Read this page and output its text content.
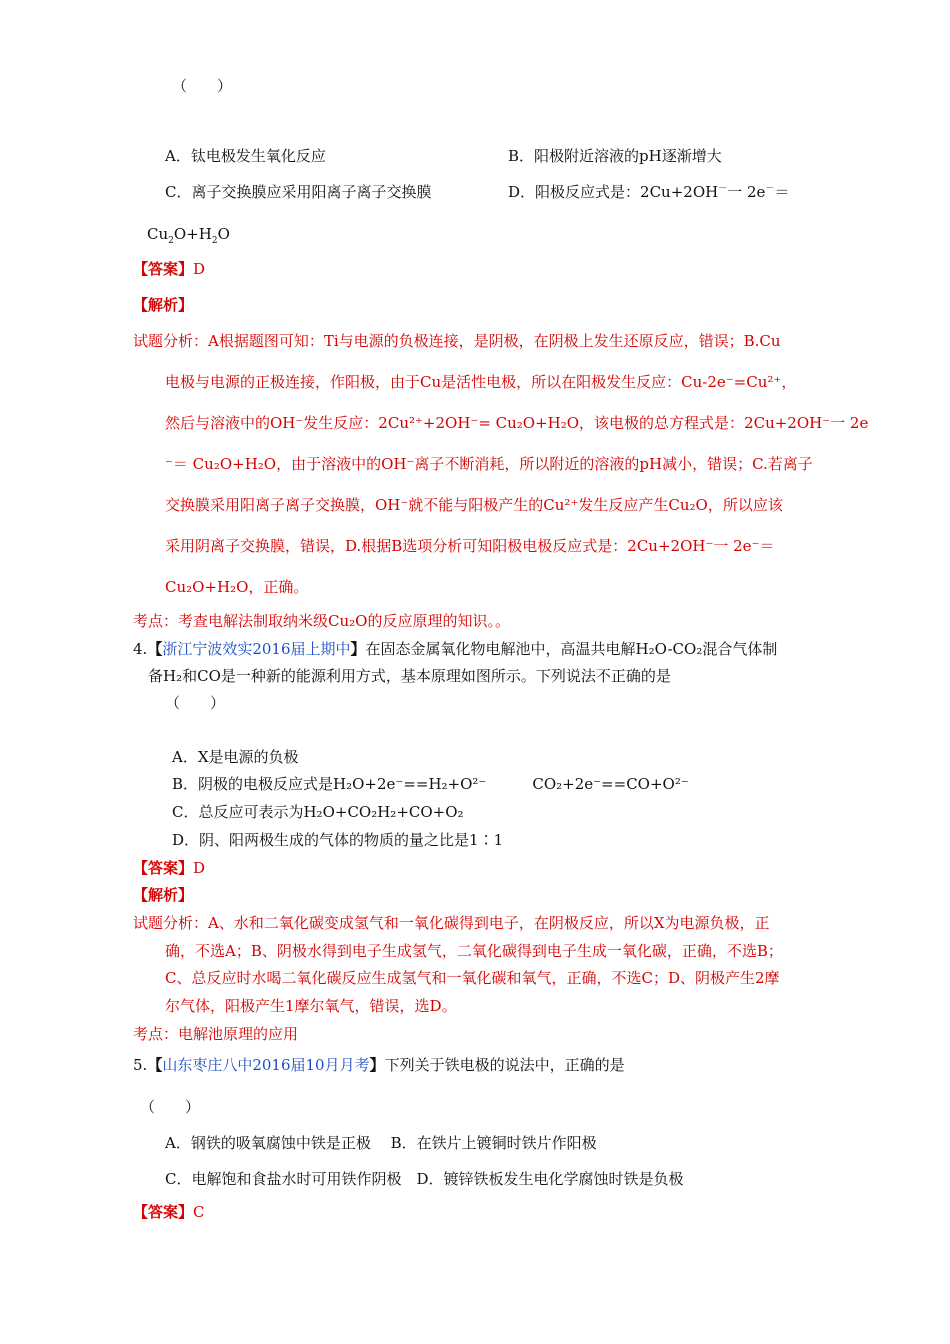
（　　）
A．钛电极发生氧化反应	B．阳极附近溶液的pH逐渐增大
C．离子交换膜应采用阳离子离子交换膜	D．阳极反应式是：2Cu+2OH－一 2e－＝
$Cu_2O+H_2O$
【答案】D
【解析】
试题分析：A根据题图可知：Ti与电源的负极连接，是阴极，在阴极上发生还原反应，错误；B.Cu
电极与电源的正极连接，作阳极，由于Cu是活性电极，所以在阳极发生反应：Cu-2e⁻=Cu²⁺，
然后与溶液中的OH⁻发生反应：2Cu²⁺+2OH⁻= Cu₂O+H₂O，该电极的总方程式是：2Cu+2OH⁻一 2e
⁻＝ Cu₂O+H₂O，由于溶液中的OH⁻离子不断消耗，所以附近的溶液的pH减小，错误；C.若离子
交换膜采用阳离子离子交换膜，OH⁻就不能与阳极产生的Cu²⁺发生反应产生Cu₂O，所以应该
采用阴离子交换膜，错误，D.根据B选项分析可知阳极电极反应式是：2Cu+2OH⁻一 2e⁻＝
Cu₂O+H₂O，正确。
考点：考查电解法制取纳米级Cu₂O的反应原理的知识。。
4.【浙江宁波效实2016届上期中】在固态金属氧化物电解池中，高温共电解H₂O-CO₂混合气体制
备H₂和CO是一种新的能源利用方式，基本原理如图所示。下列说法不正确的是
（　　）
A．X是电源的负极
B．阴极的电极反应式是H₂O+2e⁻==H₂+O²⁻	CO₂+2e⁻==CO+O²⁻
C．总反应可表示为H₂O+CO₂H₂+CO+O₂
D．阴、阳两极生成的气体的物质的量之比是1∶1
【答案】D
【解析】
试题分析：A、水和二氧化碳变成氢气和一氧化碳得到电子，在阴极反应，所以X为电源负极，正
确，不选A；B、阴极水得到电子生成氢气，二氧化碳得到电子生成一氧化碳，正确，不选B；
C、总反应时水喝二氧化碳反应生成氢气和一氧化碳和氧气，正确，不选C；D、阴极产生2摩
尔气体，阳极产生1摩尔氧气，错误，选D。
考点：电解池原理的应用
5.【山东枣庄八中2016届10月月考】下列关于铁电极的说法中，正确的是
（　　）
A．钢铁的吸氧腐蚀中铁是正极　 B．在铁片上镀铜时铁片作阳极
C．电解饱和食盐水时可用铁作阴极　D．镀锌铁板发生电化学腐蚀时铁是负极
【答案】C
